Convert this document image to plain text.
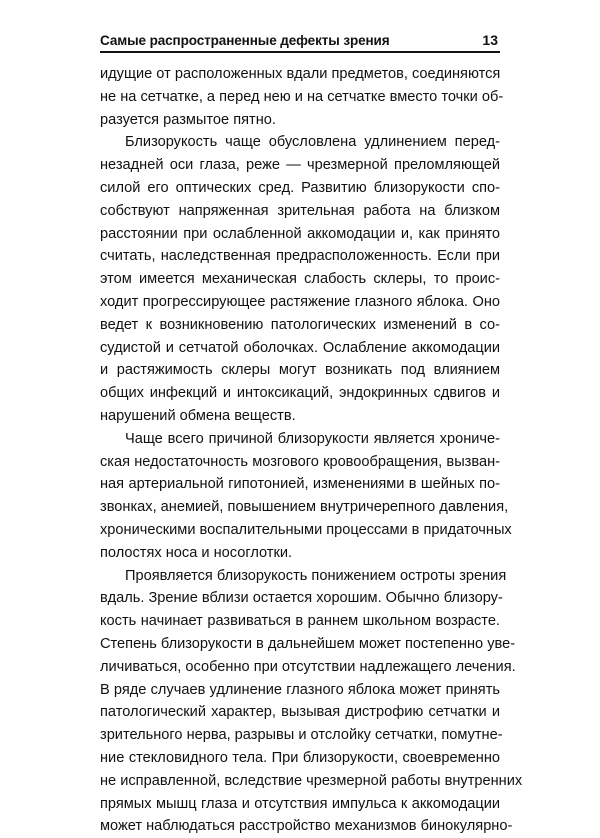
Самые распространенные дефекты зрения	13
идущие от расположенных вдали предметов, соединяются
не на сетчатке, а перед нею и на сетчатке вместо точки об-
разуется размытое пятно.
Близорукость чаще обусловлена удлинением перед-
незадней оси глаза, реже — чрезмерной преломляющей
силой его оптических сред. Развитию близорукости спо-
собствуют напряженная зрительная работа на близком
расстоянии при ослабленной аккомодации и, как принято
считать, наследственная предрасположенность. Если при
этом имеется механическая слабость склеры, то проис-
ходит прогрессирующее растяжение глазного яблока. Оно
ведет к возникновению патологических изменений в со-
судистой и сетчатой оболочках. Ослабление аккомодации
и растяжимость склеры могут возникать под влиянием
общих инфекций и интоксикаций, эндокринных сдвигов и
нарушений обмена веществ.
Чаще всего причиной близорукости является хрониче-
ская недостаточность мозгового кровообращения, вызван-
ная артериальной гипотонией, изменениями в шейных по-
звонках, анемией, повышением внутричерепного давления,
хроническими воспалительными процессами в придаточных
полостях носа и носоглотки.
Проявляется близорукость понижением остроты зрения
вдаль. Зрение вблизи остается хорошим. Обычно близору-
кость начинает развиваться в раннем школьном возрасте.
Степень близорукости в дальнейшем может постепенно уве-
личиваться, особенно при отсутствии надлежащего лечения.
В ряде случаев удлинение глазного яблока может принять
патологический характер, вызывая дистрофию сетчатки и
зрительного нерва, разрывы и отслойку сетчатки, помутне-
ние стекловидного тела. При близорукости, своевременно
не исправленной, вследствие чрезмерной работы внутренних
прямых мышц глаза и отсутствия импульса к аккомодации
может наблюдаться расстройство механизмов бинокулярно-
